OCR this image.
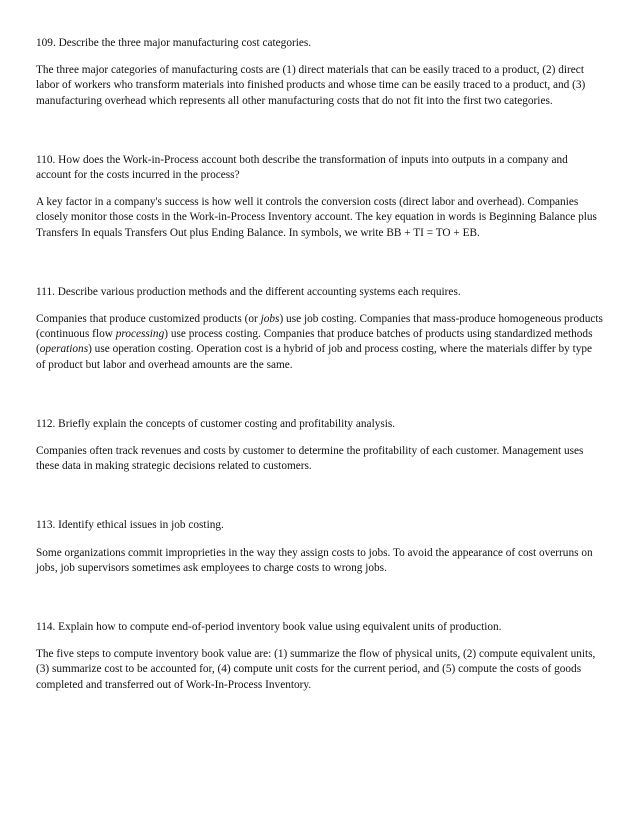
109. Describe the three major manufacturing cost categories.

The three major categories of manufacturing costs are (1) direct materials that can be easily traced to a product, (2) direct labor of workers who transform materials into finished products and whose time can be easily traced to a product, and (3) manufacturing overhead which represents all other manufacturing costs that do not fit into the first two categories.

110. How does the Work-in-Process account both describe the transformation of inputs into outputs in a company and account for the costs incurred in the process?

A key factor in a company's success is how well it controls the conversion costs (direct labor and overhead). Companies closely monitor those costs in the Work-in-Process Inventory account. The key equation in words is Beginning Balance plus Transfers In equals Transfers Out plus Ending Balance. In symbols, we write BB + TI = TO + EB.

111. Describe various production methods and the different accounting systems each requires.

Companies that produce customized products (or jobs) use job costing. Companies that mass-produce homogeneous products (continuous flow processing) use process costing. Companies that produce batches of products using standardized methods (operations) use operation costing. Operation cost is a hybrid of job and process costing, where the materials differ by type of product but labor and overhead amounts are the same.

112. Briefly explain the concepts of customer costing and profitability analysis.

Companies often track revenues and costs by customer to determine the profitability of each customer. Management uses these data in making strategic decisions related to customers.

113. Identify ethical issues in job costing.

Some organizations commit improprieties in the way they assign costs to jobs. To avoid the appearance of cost overruns on jobs, job supervisors sometimes ask employees to charge costs to wrong jobs.

114. Explain how to compute end-of-period inventory book value using equivalent units of production.

The five steps to compute inventory book value are: (1) summarize the flow of physical units, (2) compute equivalent units, (3) summarize cost to be accounted for, (4) compute unit costs for the current period, and (5) compute the costs of goods completed and transferred out of Work-In-Process Inventory.
